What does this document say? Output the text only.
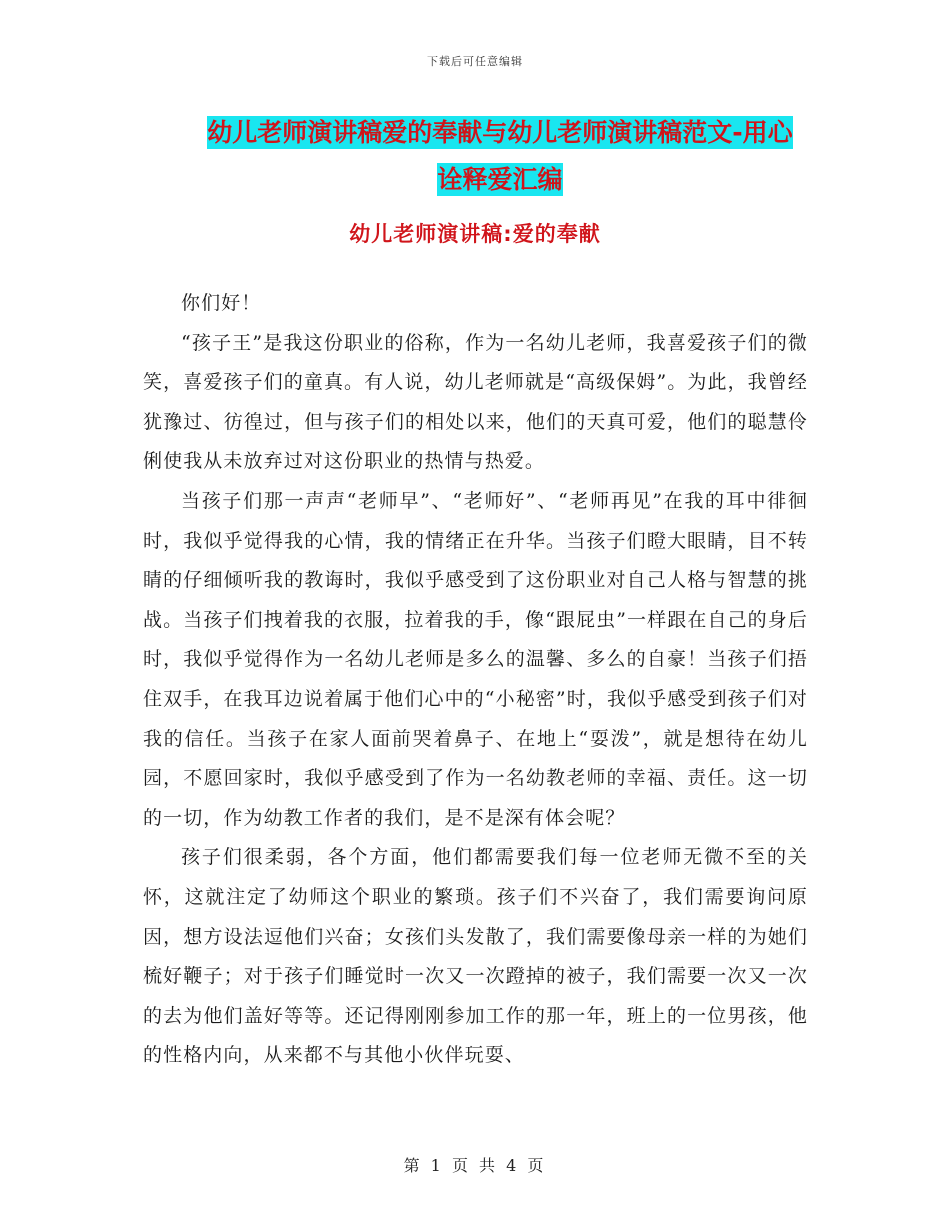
下载后可任意编辑
幼儿老师演讲稿爱的奉献与幼儿老师演讲稿范文-用心
诠释爱汇编
幼儿老师演讲稿:爱的奉献

你们好！

“孩子王”是我这份职业的俗称，作为一名幼儿老师，我喜爱孩子们的微笑，喜爱孩子们的童真。有人说，幼儿老师就是“高级保姆”。为此，我曾经犹豫过、彷徨过，但与孩子们的相处以来，他们的天真可爱，他们的聪慧伶俐使我从未放弃过对这份职业的热情与热爱。

当孩子们那一声声“老师早”、“老师好”、“老师再见”在我的耳中徘徊时，我似乎觉得我的心情，我的情绪正在升华。当孩子们瞪大眼睛，目不转睛的仔细倾听我的教诲时，我似乎感受到了这份职业对自己人格与智慧的挑战。当孩子们拽着我的衣服，拉着我的手，像“跟屁虫”一样跟在自己的身后时，我似乎觉得作为一名幼儿老师是多么的温馨、多么的自豪！当孩子们捂住双手，在我耳边说着属于他们心中的“小秘密”时，我似乎感受到孩子们对我的信任。当孩子在家人面前哭着鼻子、在地上“耍泼”，就是想待在幼儿园，不愿回家时，我似乎感受到了作为一名幼教老师的幸福、责任。这一切的一切，作为幼教工作者的我们，是不是深有体会呢？

孩子们很柔弱，各个方面，他们都需要我们每一位老师无微不至的关怀，这就注定了幼师这个职业的繁琐。孩子们不兴奋了，我们需要询问原因，想方设法逗他们兴奋；女孩们头发散了，我们需要像母亲一样的为她们梳好鞭子；对于孩子们睡觉时一次又一次蹬掉的被子，我们需要一次又一次的去为他们盖好等等。还记得刚刚参加工作的那一年，班上的一位男孩，他的性格内向，从来都不与其他小伙伴玩耍、

第 1 页 共 4 页
